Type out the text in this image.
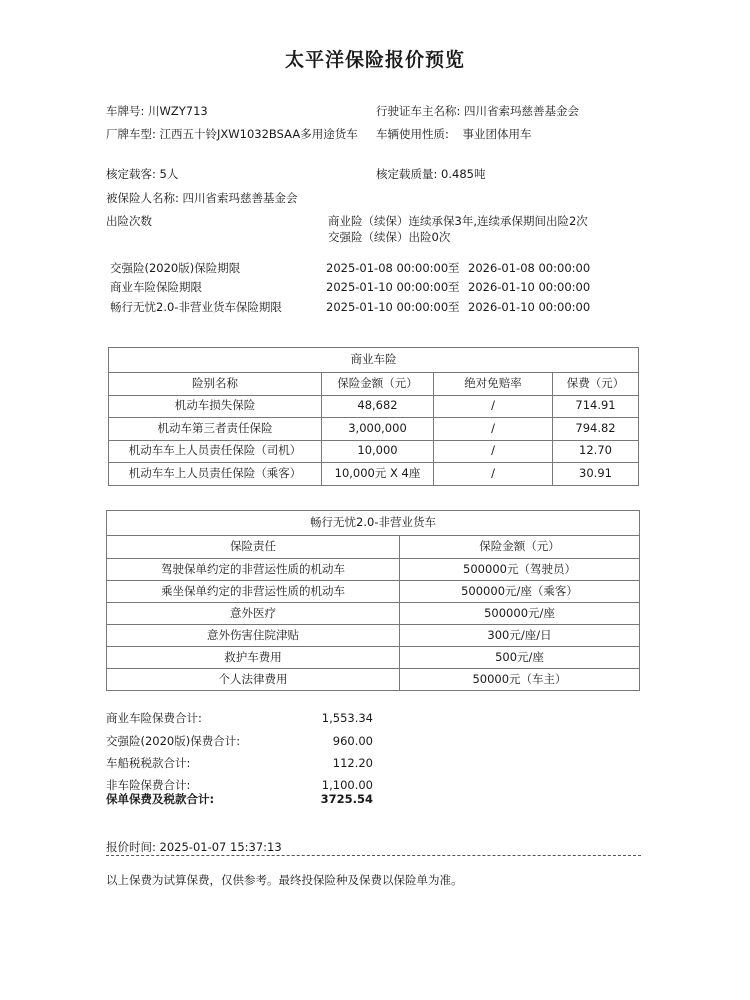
太平洋保险报价预览
车牌号: 川WZY713	行驶证车主名称: 四川省索玛慈善基金会
厂牌车型: 江西五十铃JXW1032BSAA多用途货车	车辆使用性质: 事业团体用车
核定载客: 5人	核定载质量: 0.485吨
被保险人名称: 四川省索玛慈善基金会
出险次数	商业险（续保）连续承保3年,连续承保期间出险2次
交强险（续保）出险0次
交强险(2020版)保险期限	2025-01-08 00:00:00 至 2026-01-08 00:00:00
商业车险保险期限	2025-01-10 00:00:00 至 2026-01-10 00:00:00
畅行无忧2.0-非营业货车保险期限	2025-01-10 00:00:00 至 2026-01-10 00:00:00
商业车险			
险别名称	保险金额（元）	绝对免赔率	保费（元）
机动车损失保险	48,682	/	714.91
机动车第三者责任保险	3,000,000	/	794.82
机动车车上人员责任保险（司机）	10,000	/	12.70
机动车车上人员责任保险（乘客）	10,000元 X 4座	/	30.91
畅行无忧2.0-非营业货车	
保险责任	保险金额（元）
驾驶保单约定的非营运性质的机动车	500000元（驾驶员）
乘坐保单约定的非营运性质的机动车	500000元/座（乘客）
意外医疗	500000元/座
意外伤害住院津贴	300元/座/日
救护车费用	500元/座
个人法律费用	50000元（车主）
商业车险保费合计:	1,553.34
交强险(2020版)保费合计:	960.00
车船税税款合计:	112.20
非车险保费合计:	1,100.00
保单保费及税款合计:	3725.54
报价时间: 2025-01-07 15:37:13
以上保费为试算保费，仅供参考。最终投保险种及保费以保险单为准。
